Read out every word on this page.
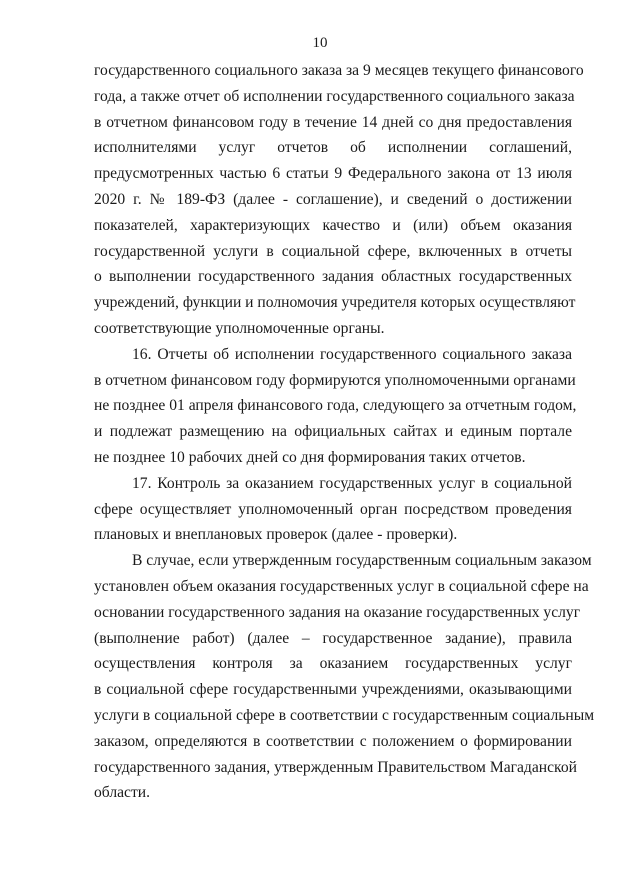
10
государственного социального заказа за 9 месяцев текущего финансового
года, а также отчет об исполнении государственного социального заказа
в отчетном финансовом году в течение 14 дней со дня предоставления
исполнителями услуг отчетов об исполнении соглашений,
предусмотренных частью 6 статьи 9 Федерального закона от 13 июля
2020 г. № 189-ФЗ (далее - соглашение), и сведений о достижении
показателей, характеризующих качество и (или) объем оказания
государственной услуги в социальной сфере, включенных в отчеты
о выполнении государственного задания областных государственных
учреждений, функции и полномочия учредителя которых осуществляют
соответствующие уполномоченные органы.
16. Отчеты об исполнении государственного социального заказа
в отчетном финансовом году формируются уполномоченными органами
не позднее 01 апреля финансового года, следующего за отчетным годом,
и подлежат размещению на официальных сайтах и единым портале
не позднее 10 рабочих дней со дня формирования таких отчетов.
17. Контроль за оказанием государственных услуг в социальной
сфере осуществляет уполномоченный орган посредством проведения
плановых и внеплановых проверок (далее - проверки).
В случае, если утвержденным государственным социальным заказом
установлен объем оказания государственных услуг в социальной сфере на
основании государственного задания на оказание государственных услуг
(выполнение работ) (далее – государственное задание), правила
осуществления контроля за оказанием государственных услуг
в социальной сфере государственными учреждениями, оказывающими
услуги в социальной сфере в соответствии с государственным социальным
заказом, определяются в соответствии с положением о формировании
государственного задания, утвержденным Правительством Магаданской
области.
